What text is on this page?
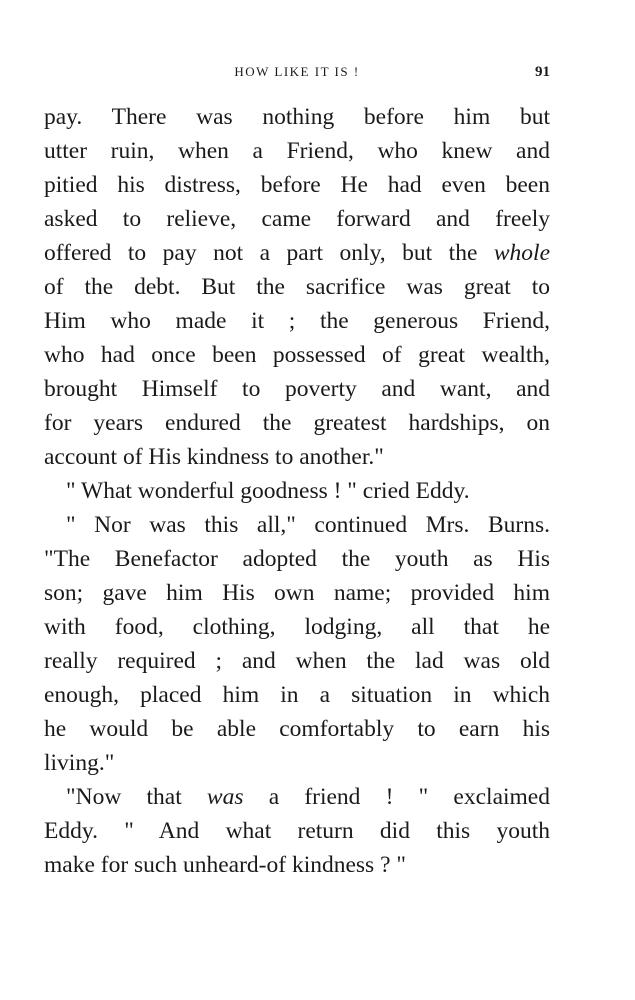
HOW LIKE IT IS !	91
pay. There was nothing before him but
utter ruin, when a Friend, who knew and
pitied his distress, before He had even been
asked to relieve, came forward and freely
offered to pay not a part only, but the whole
of the debt. But the sacrifice was great to
Him who made it ; the generous Friend,
who had once been possessed of great wealth,
brought Himself to poverty and want, and
for years endured the greatest hardships, on
account of His kindness to another."
" What wonderful goodness ! " cried Eddy.
" Nor was this all," continued Mrs. Burns.
"The Benefactor adopted the youth as His
son; gave him His own name; provided him
with food, clothing, lodging, all that he
really required ; and when the lad was old
enough, placed him in a situation in which
he would be able comfortably to earn his
living."
"Now that was a friend ! " exclaimed
Eddy. " And what return did this youth
make for such unheard-of kindness ? "
